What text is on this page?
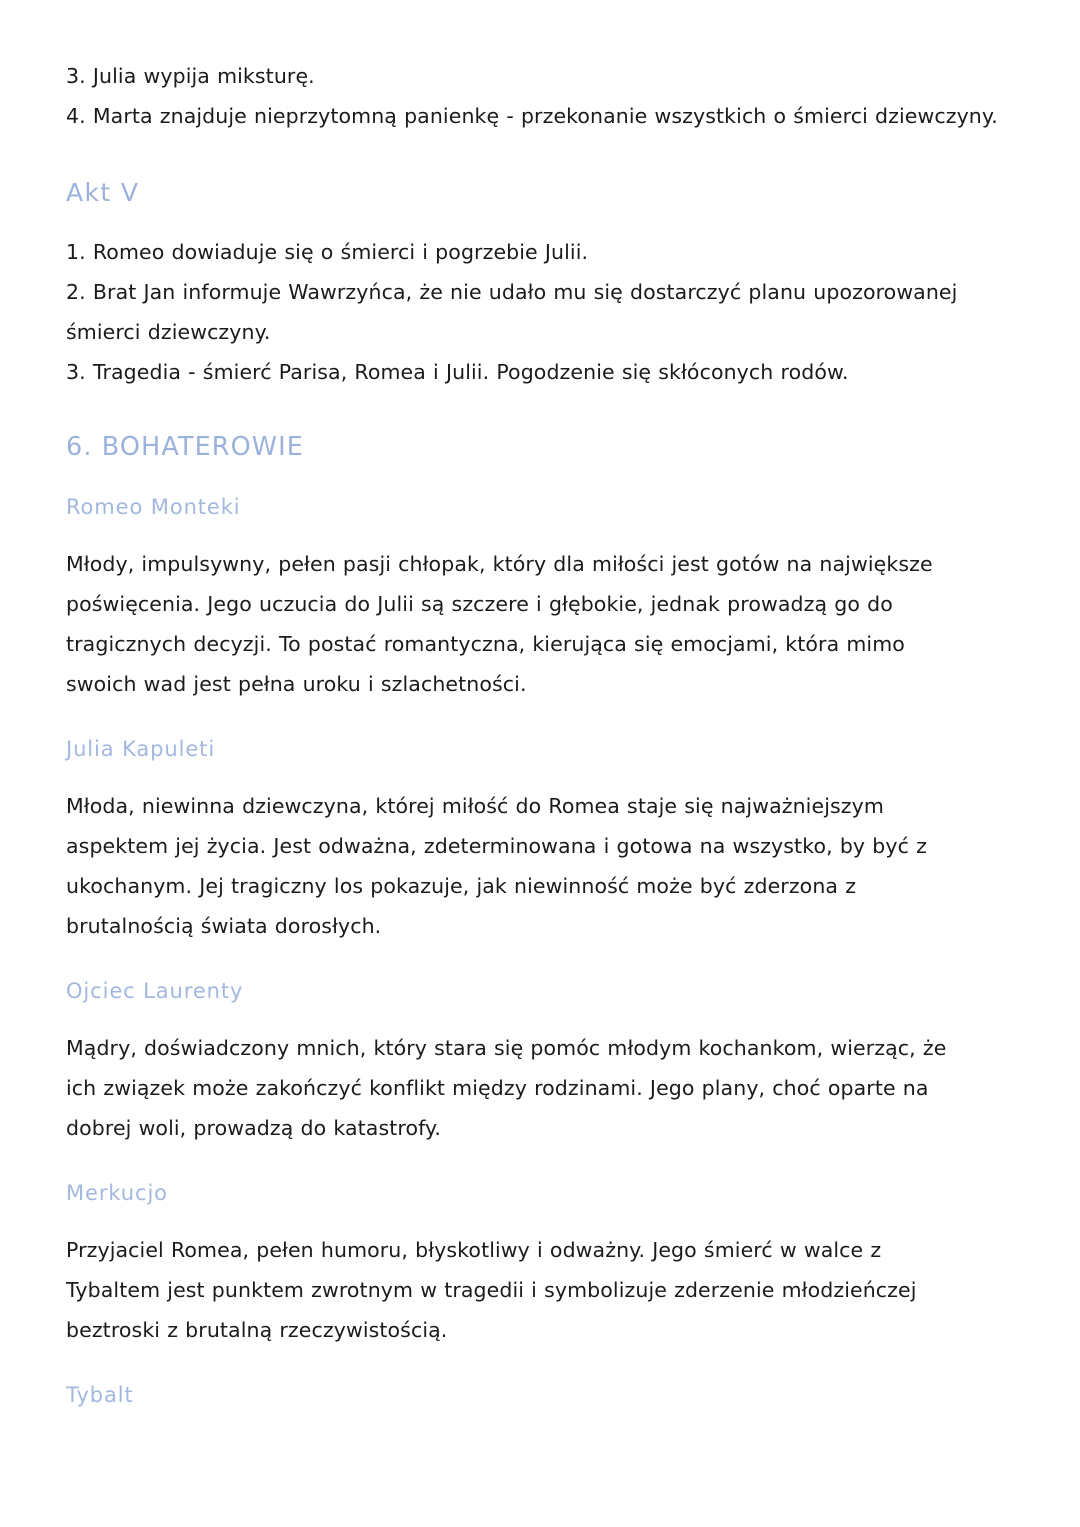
3. Julia wypija miksturę.
4. Marta znajduje nieprzytomną panienkę - przekonanie wszystkich o śmierci dziewczyny.
Akt V
1. Romeo dowiaduje się o śmierci i pogrzebie Julii.
2. Brat Jan informuje Wawrzyńca, że nie udało mu się dostarczyć planu upozorowanej
śmierci dziewczyny.
3. Tragedia - śmierć Parisa, Romea i Julii. Pogodzenie się skłóconych rodów.
6. BOHATEROWIE
Romeo Monteki
Młody, impulsywny, pełen pasji chłopak, który dla miłości jest gotów na największe
poświęcenia. Jego uczucia do Julii są szczere i głębokie, jednak prowadzą go do
tragicznych decyzji. To postać romantyczna, kierująca się emocjami, która mimo
swoich wad jest pełna uroku i szlachetności.
Julia Kapuleti
Młoda, niewinna dziewczyna, której miłość do Romea staje się najważniejszym
aspektem jej życia. Jest odważna, zdeterminowana i gotowa na wszystko, by być z
ukochanym. Jej tragiczny los pokazuje, jak niewinność może być zderzona z
brutalnością świata dorosłych.
Ojciec Laurenty
Mądry, doświadczony mnich, który stara się pomóc młodym kochankom, wierząc, że
ich związek może zakończyć konflikt między rodzinami. Jego plany, choć oparte na
dobrej woli, prowadzą do katastrofy.
Merkucjo
Przyjaciel Romea, pełen humoru, błyskotliwy i odważny. Jego śmierć w walce z
Tybaltem jest punktem zwrotnym w tragedii i symbolizuje zderzenie młodzieńczej
beztroski z brutalną rzeczywistością.
Tybalt
